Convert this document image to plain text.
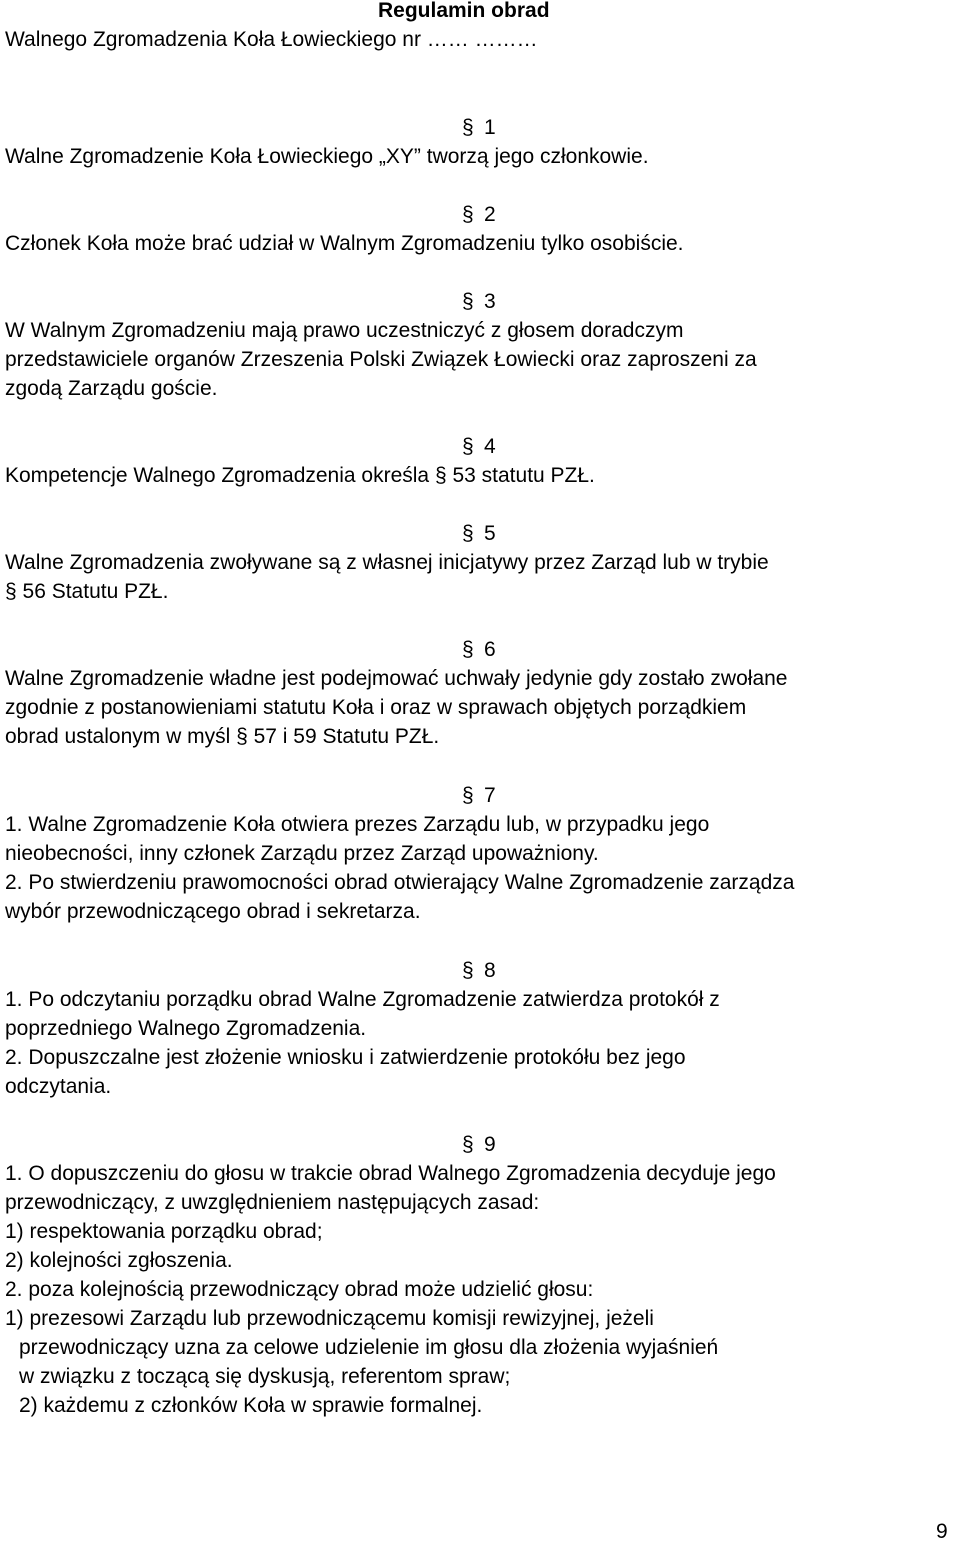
Regulamin obrad
Walnego Zgromadzenia Koła Łowieckiego nr …… ………
§ 1
Walne Zgromadzenie Koła Łowieckiego „XY” tworzą jego członkowie.
§ 2
Członek Koła może brać udział w Walnym Zgromadzeniu tylko osobiście.
§ 3
W Walnym Zgromadzeniu mają prawo uczestniczyć z głosem doradczym
przedstawiciele organów Zrzeszenia Polski Związek Łowiecki oraz zaproszeni za
zgodą Zarządu goście.
§ 4
Kompetencje Walnego Zgromadzenia określa § 53 statutu PZŁ.
§ 5
Walne Zgromadzenia zwoływane są z własnej inicjatywy przez Zarząd lub w trybie
§ 56 Statutu PZŁ.
§ 6
Walne Zgromadzenie władne jest podejmować uchwały jedynie gdy zostało zwołane
zgodnie z postanowieniami statutu Koła i oraz w sprawach objętych porządkiem
obrad ustalonym w myśl § 57 i 59 Statutu PZŁ.
§ 7
1. Walne Zgromadzenie Koła otwiera prezes Zarządu lub, w przypadku jego
nieobecności, inny członek Zarządu przez Zarząd upoważniony.
2. Po stwierdzeniu prawomocności obrad otwierający Walne Zgromadzenie zarządza
wybór przewodniczącego obrad i sekretarza.
§ 8
1. Po odczytaniu porządku obrad Walne Zgromadzenie zatwierdza protokół z
poprzedniego Walnego Zgromadzenia.
2. Dopuszczalne jest złożenie wniosku i zatwierdzenie protokółu bez jego
odczytania.
§ 9
1. O dopuszczeniu do głosu w trakcie obrad Walnego Zgromadzenia decyduje jego
przewodniczący, z uwzględnieniem następujących zasad:
1) respektowania porządku obrad;
2) kolejności zgłoszenia.
2. poza kolejnością przewodniczący obrad może udzielić głosu:
1) prezesowi Zarządu lub przewodniczącemu komisji rewizyjnej, jeżeli
przewodniczący uzna za celowe udzielenie im głosu dla złożenia wyjaśnień
w związku z toczącą się dyskusją, referentom spraw;
2) każdemu z członków Koła w sprawie formalnej.
9
